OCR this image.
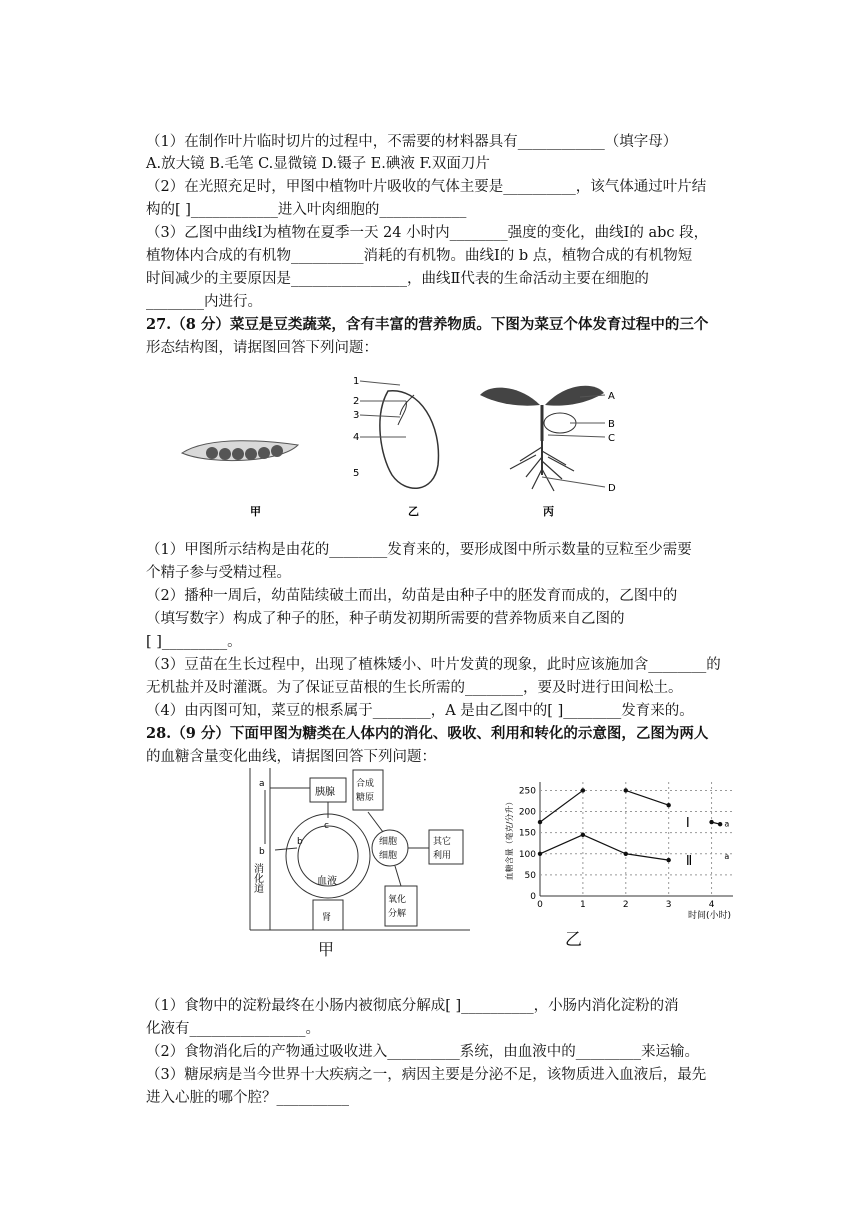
（1）在制作叶片临时切片的过程中，不需要的材料器具有____________（填字母）
A.放大镜 B.毛笔 C.显微镜 D.镊子 E.碘液 F.双面刀片
（2）在光照充足时，甲图中植物叶片吸收的气体主要是__________，该气体通过叶片结
构的[ ]____________进入叶肉细胞的____________
（3）乙图中曲线Ⅰ为植物在夏季一天 24 小时内________强度的变化，曲线Ⅰ的 abc 段，
植物体内合成的有机物__________消耗的有机物。曲线Ⅰ的 b 点，植物合成的有机物短
时间减少的主要原因是________________，曲线Ⅱ代表的生命活动主要在细胞的
________内进行。
27.（8 分）菜豆是豆类蔬菜，含有丰富的营养物质。下图为菜豆个体发育过程中的三个
形态结构图，请据图回答下列问题：
甲
1
2
3
4
5
乙
A
B
C
D
丙
（1）甲图所示结构是由花的________发育来的，要形成图中所示数量的豆粒至少需要
个精子参与受精过程。
（2）播种一周后，幼苗陆续破土而出，幼苗是由种子中的胚发育而成的，乙图中的
（填写数字）构成了种子的胚，种子萌发初期所需要的营养物质来自乙图的
[ ]_________。
（3）豆苗在生长过程中，出现了植株矮小、叶片发黄的现象，此时应该施加含________的
无机盐并及时灌溉。为了保证豆苗根的生长所需的________，要及时进行田间松土。
（4）由丙图可知，菜豆的根系属于________，A 是由乙图中的[ ]________发育来的。
28.（9 分）下面甲图为糖类在人体内的消化、吸收、利用和转化的示意图，乙图为两人
的血糖含量变化曲线，请据图回答下列问题：
消化道
a
b
b
胰腺
c
血液
合成
糖原
细胞
细胞
其它
利用
氧化
分解
肾
甲
0
50
100
150
200
250
0	1	2	3	4
时间(小时)
血糖含量（毫克/分升）	Ⅰ
Ⅱ
a
a
乙
（1）食物中的淀粉最终在小肠内被彻底分解成[ ]__________，小肠内消化淀粉的消
化液有________________。
（2）食物消化后的产物通过吸收进入__________系统，由血液中的_________来运输。
（3）糖尿病是当今世界十大疾病之一，病因主要是分泌不足，该物质进入血液后，最先
进入心脏的哪个腔？__________
